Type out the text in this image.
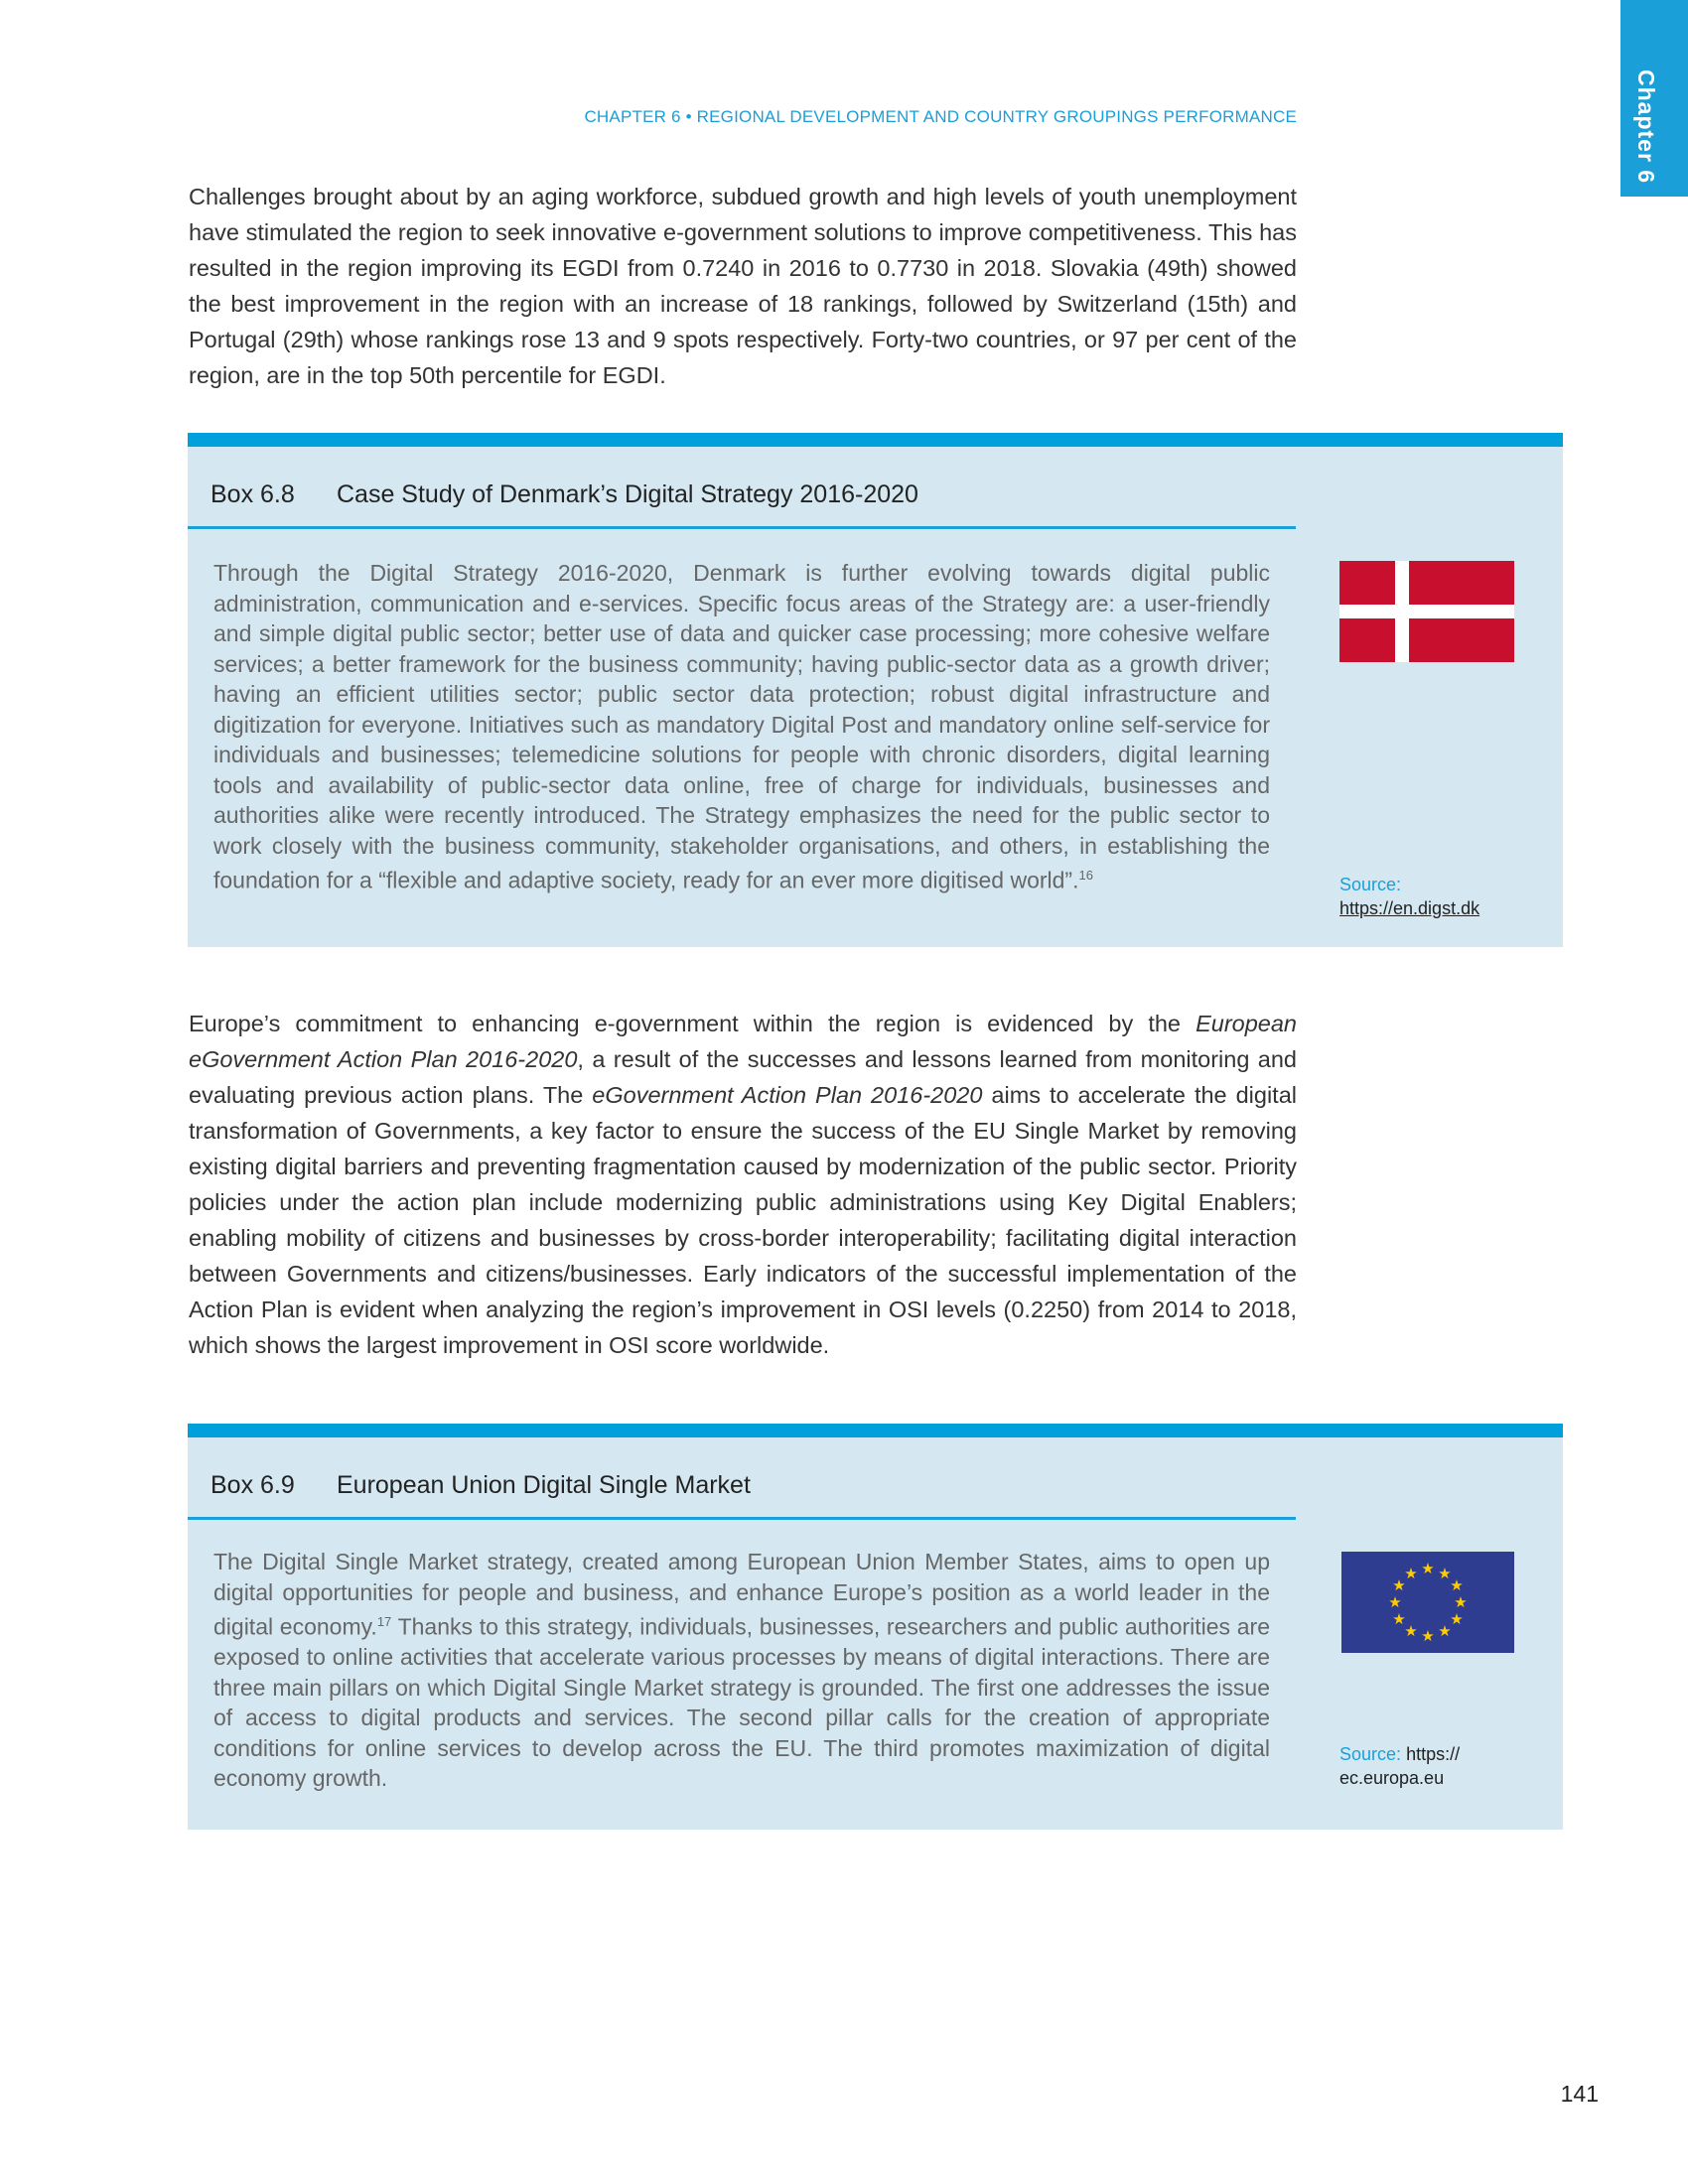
Chapter 6
CHAPTER 6 • REGIONAL DEVELOPMENT AND COUNTRY GROUPINGS PERFORMANCE

Challenges brought about by an aging workforce, subdued growth and high levels of youth unemployment have stimulated the region to seek innovative e-government solutions to improve competitiveness. This has resulted in the region improving its EGDI from 0.7240 in 2016 to 0.7730 in 2018. Slovakia (49th) showed the best improvement in the region with an increase of 18 rankings, followed by Switzerland (15th) and Portugal (29th) whose rankings rose 13 and 9 spots respectively. Forty-two countries, or 97 per cent of the region, are in the top 50th percentile for EGDI.

Box 6.8 Case Study of Denmark’s Digital Strategy 2016-2020

Through the Digital Strategy 2016-2020, Denmark is further evolving towards digital public administration, communication and e-services. Specific focus areas of the Strategy are: a user-friendly and simple digital public sector; better use of data and quicker case processing; more cohesive welfare services; a better framework for the business community; having public-sector data as a growth driver; having an efficient utilities sector; public sector data protection; robust digital infrastructure and digitization for everyone. Initiatives such as mandatory Digital Post and mandatory online self-service for individuals and businesses; telemedicine solutions for people with chronic disorders, digital learning tools and availability of public-sector data online, free of charge for individuals, businesses and authorities alike were recently introduced. The Strategy emphasizes the need for the public sector to work closely with the business community, stakeholder organisations, and others, in establishing the foundation for a “flexible and adaptive society, ready for an ever more digitised world”.$^{16}$	Source:
https://en.digst.dk

Europe’s commitment to enhancing e-government within the region is evidenced by the European eGovernment Action Plan 2016-2020, a result of the successes and lessons learned from monitoring and evaluating previous action plans. The eGovernment Action Plan 2016-2020 aims to accelerate the digital transformation of Governments, a key factor to ensure the success of the EU Single Market by removing existing digital barriers and preventing fragmentation caused by modernization of the public sector. Priority policies under the action plan include modernizing public administrations using Key Digital Enablers; enabling mobility of citizens and businesses by cross-border interoperability; facilitating digital interaction between Governments and citizens/businesses. Early indicators of the successful implementation of the Action Plan is evident when analyzing the region’s improvement in OSI levels (0.2250) from 2014 to 2018, which shows the largest improvement in OSI score worldwide.

Box 6.9 European Union Digital Single Market

The Digital Single Market strategy, created among European Union Member States, aims to open up digital opportunities for people and business, and enhance Europe’s position as a world leader in the digital economy.$^{17}$ Thanks to this strategy, individuals, businesses, researchers and public authorities are exposed to online activities that accelerate various processes by means of digital interactions. There are three main pillars on which Digital Single Market strategy is grounded. The first one addresses the issue of access to digital products and services. The second pillar calls for the creation of appropriate conditions for online services to develop across the EU. The third promotes maximization of digital economy growth.

★ ★
★
★
★
★
★
★
★
★
★
★
Source: https://
ec.europa.eu
141
